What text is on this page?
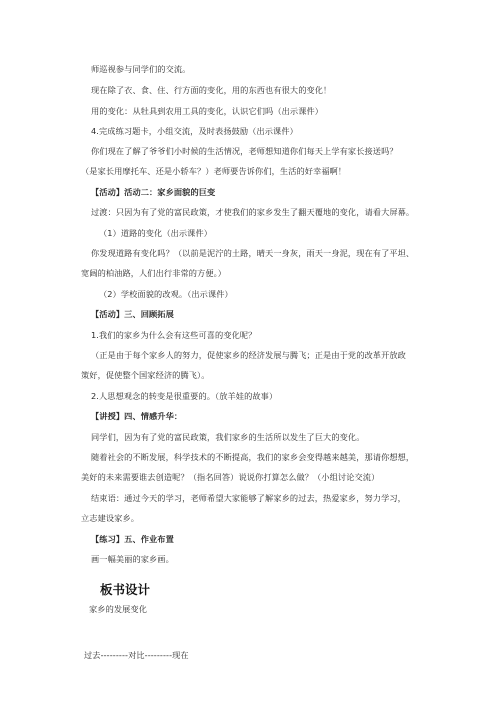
师巡视参与同学们的交流。
现在除了衣、食、住、行方面的变化，用的东西也有很大的变化！
用的变化：从牡具到农用工具的变化，认识它们吗（出示课件）
4.完成练习题卡，小组交流，及时表扬鼓励（出示课件）
你们现在了解了爷爷们小时候的生活情况，老师想知道你们每天上学有家长接送吗？
（是家长用摩托车、还是小轿车？）老师要告诉你们，生活的好幸福啊！
【活动】活动二：家乡面貌的巨变
过渡：只因为有了党的富民政策，才使我们的家乡发生了翻天覆地的变化，请看大屏幕。
（1）道路的变化（出示课件）
你发现道路有变化吗？（以前是泥泞的土路，晴天一身灰，雨天一身泥，现在有了平坦、
宽阔的柏油路，人们出行非常的方便。）
（2）学校面貌的改观。（出示课件）
【活动】三、回顾拓展
1.我们的家乡为什么会有这些可喜的变化呢？
（正是由于每个家乡人的努力，促使家乡的经济发展与腾飞；正是由于党的改革开放政
策好，促使整个国家经济的腾飞）。
2.人思想观念的转变是很重要的。（放羊娃的故事）
【讲授】四、情感升华：
同学们，因为有了党的富民政策，我们家乡的生活所以发生了巨大的变化。
随着社会的不断发展，科学技术的不断提高，我们的家乡会变得越来越美，那请你想想，
美好的未来需要谁去创造呢？（指名回答）说说你打算怎么做？（小组讨论交流）
结束语：通过今天的学习，老师希望大家能够了解家乡的过去，热爱家乡，努力学习，
立志建设家乡。
【练习】五、作业布置
画一幅美丽的家乡画。
板书设计
家乡的发展变化
过去---------对比---------现在
